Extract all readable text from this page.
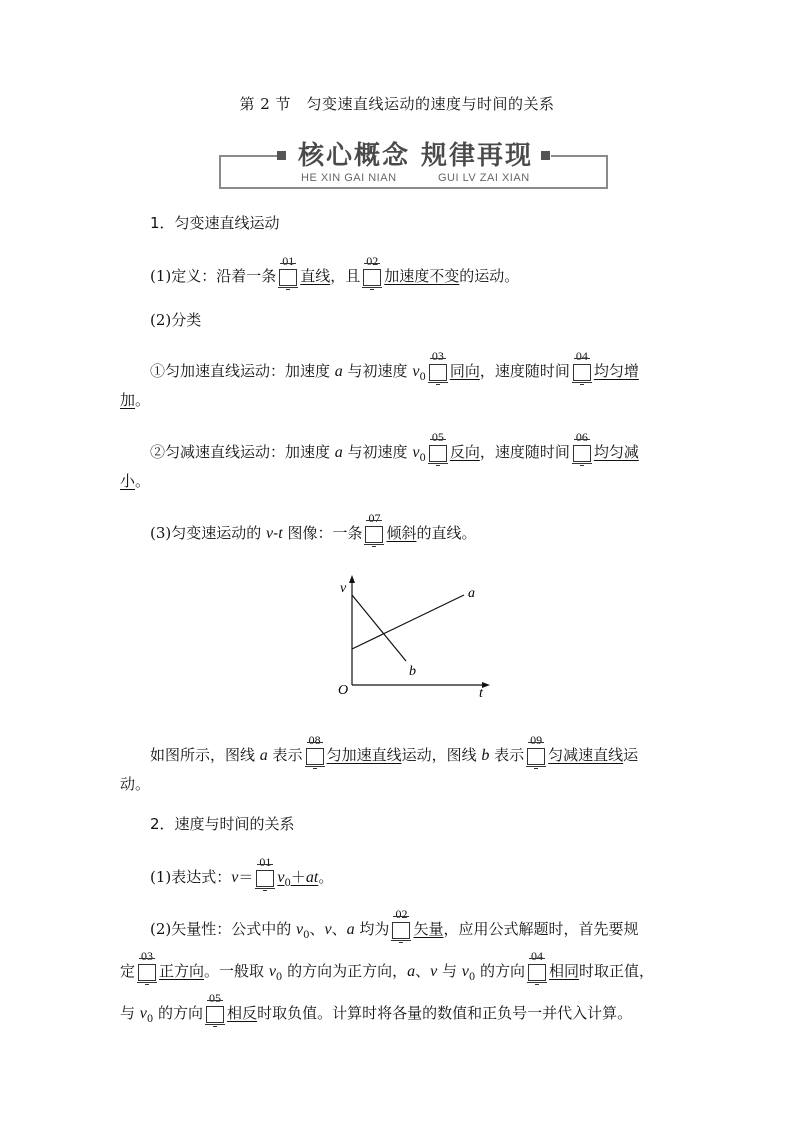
第 2 节　匀变速直线运动的速度与时间的关系
核心概念 规律再现
HE XIN GAI NIAN	GUI LV ZAI XIAN
1．匀变速直线运动
(1)定义：沿着一条
01
直线，且
02
加速度不变的运动。
(2)分类
①匀加速直线运动：加速度 a 与初速度 $v_0$
03
同向，速度随时间
04
均匀增
加。
②匀减速直线运动：加速度 a 与初速度 $v_0$
05
反向，速度随时间
06
均匀减
小。
(3)匀变速运动的 v-t 图像：一条
07
倾斜的直线。
v
t
O
a
b
如图所示，图线 a 表示
08
匀加速直线运动，图线 b 表示
09
匀减速直线运
动。
2．速度与时间的关系
(1)表达式：v＝
01
$v_0+at$。
(2)矢量性：公式中的 $v_0$、v、a 均为
02
矢量，应用公式解题时，首先要规
定
03
正方向。一般取 $v_0$ 的方向为正方向，a、v 与 $v_0$ 的方向
04
相同时取正值，
与 $v_0$ 的方向
05
相反时取负值。计算时将各量的数值和正负号一并代入计算。
